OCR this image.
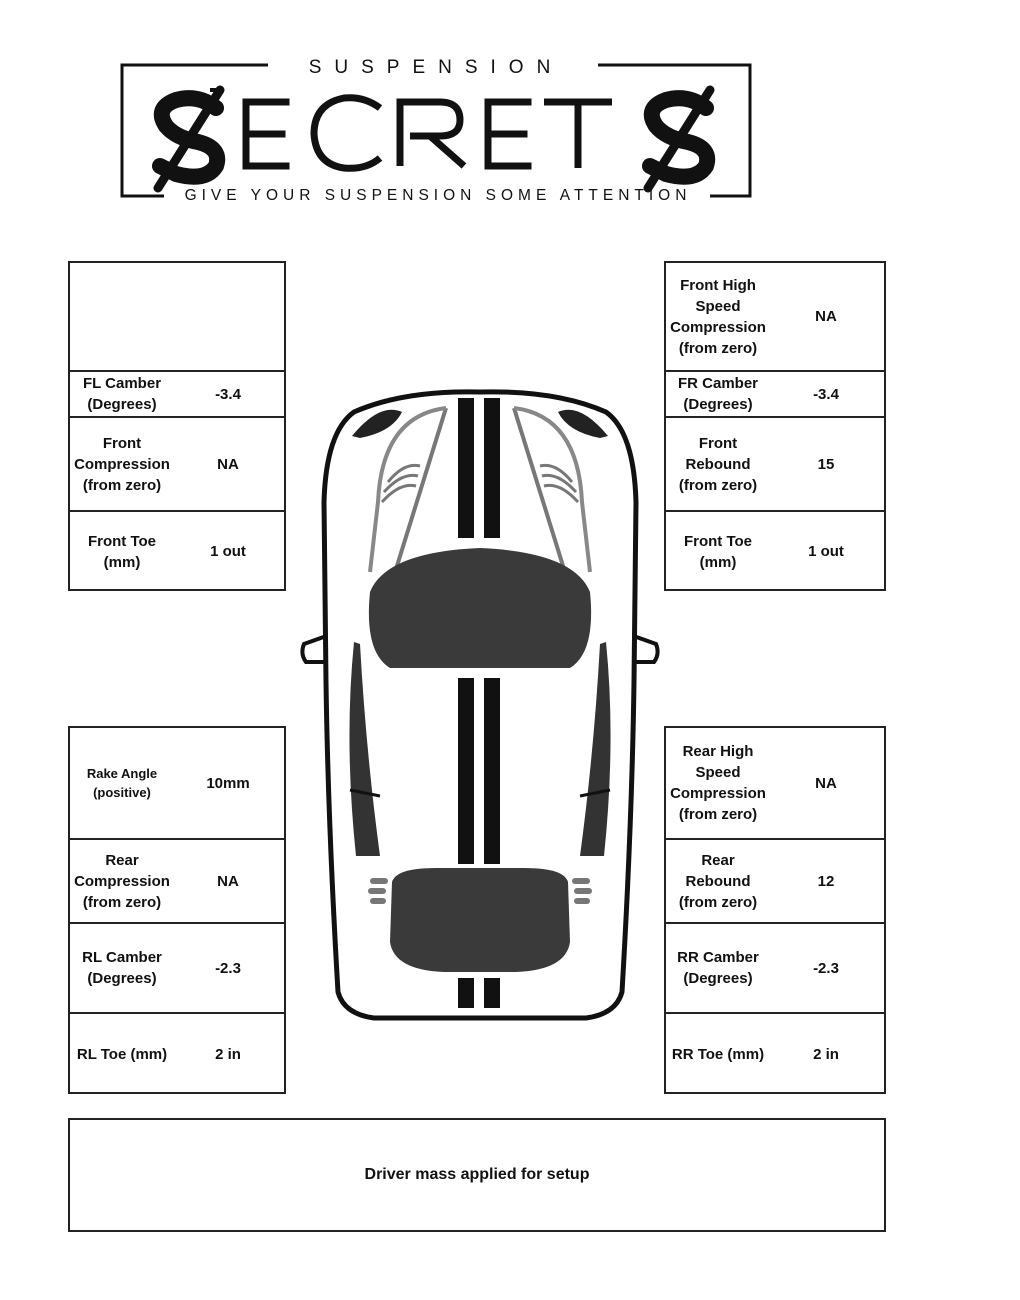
SUSPENSION
GIVE YOUR SUSPENSION SOME ATTENTION
FL Camber
(Degrees)
-3.4
Front
Compression
(from zero)
NA
Front Toe
(mm)
1 out
Front High
Speed
Compression
(from zero)
NA
FR Camber
(Degrees)
-3.4
Front
Rebound
(from zero)
15
Front Toe
(mm)
1 out
Rake Angle
(positive)
10mm
Rear
Compression
(from zero)
NA
RL Camber
(Degrees)
-2.3
RL Toe (mm)	2 in
Rear High
Speed
Compression
(from zero)
NA
Rear
Rebound
(from zero)
12
RR Camber
(Degrees)
-2.3
RR Toe (mm)	2 in
Driver mass applied for setup
